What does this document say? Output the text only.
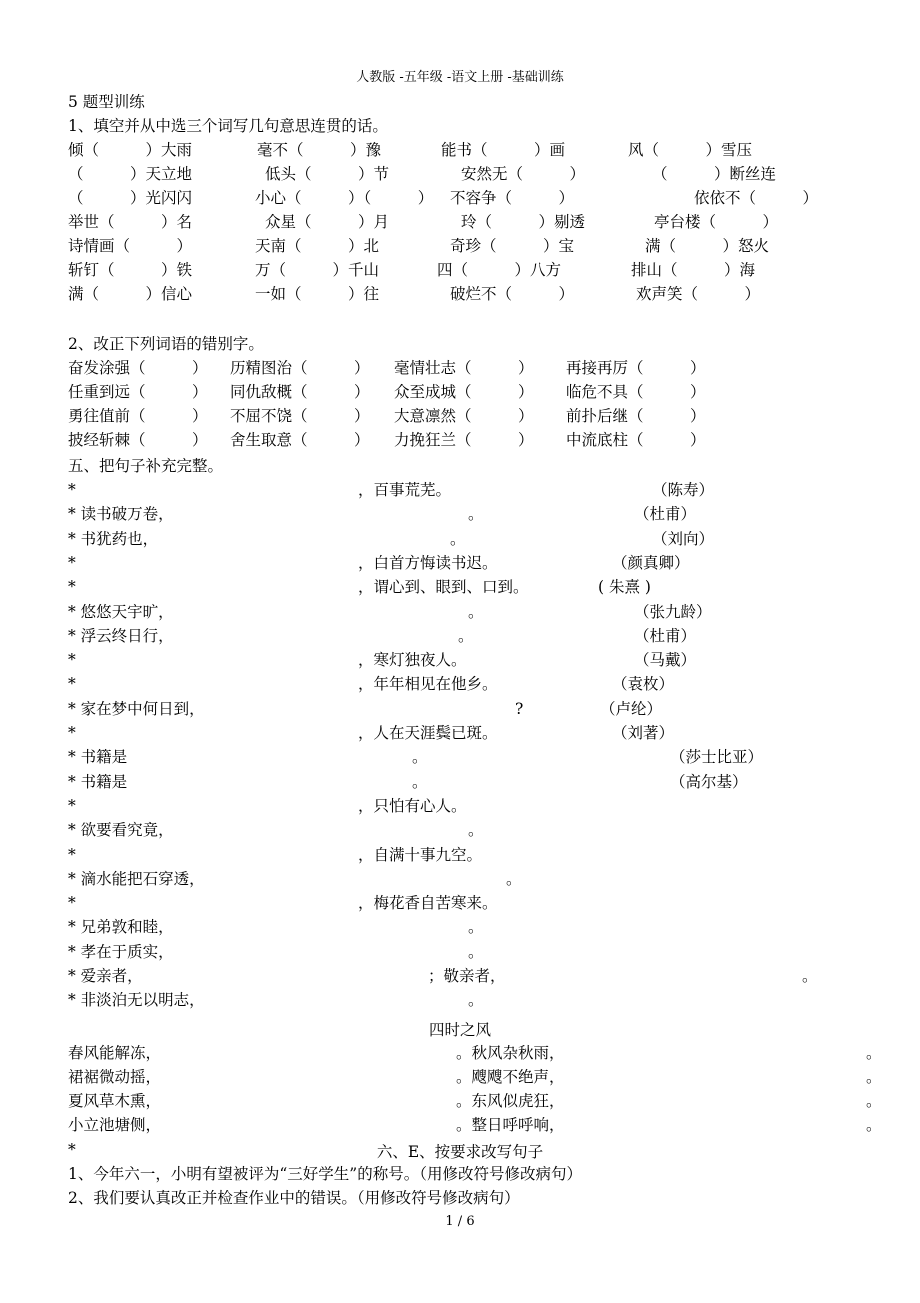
人教版 -五年级 -语文上册 -基础训练
5 题型训练
1、填空并从中选三个词写几句意思连贯的话。
倾（　　　）大雨	毫不（　　　）豫	能书（　　　）画	风（　　　）雪压
（　　　）天立地	低头（　　　）节	安然无（　　　）	（　　　）断丝连
（　　　）光闪闪	小心（　　　）（　　　） 不容争（　　　）	依依不（　　　）
举世（　　　）名	众星（　　　）月	玲（　　　）剔透	亭台楼（　　　）
诗情画（　　　）	天南（　　　）北	奇珍（　　　）宝	满（　　　）怒火
斩钉（　　　）铁	万（　　　）千山	四（　　　）八方	排山（　　　）海
满（　　　）信心	一如（　　　）往	破烂不（　　　）	欢声笑（　　　）
2、改正下列词语的错别字。
奋发涂强（　　　） 历精图治（　　　） 毫情壮志（　　　） 再接再厉（　　　）
任重到远（　　　） 同仇敌概（　　　） 众至成城（　　　） 临危不具（　　　）
勇往值前（　　　） 不屈不饶（　　　） 大意凛然（　　　） 前扑后继（　　　）
披经斩棘（　　　） 舍生取意（　　　） 力挽狂兰（　　　） 中流底柱（　　　）
五、把句子补充完整。
*	，百事荒芜。	（陈寿）
* 读书破万卷，	。	（杜甫）
* 书犹药也，	。	（刘向）
*	，白首方悔读书迟。	（颜真卿）
*	，谓心到、眼到、口到。	( 朱熹 )
* 悠悠天宇旷，	。	（张九龄）
* 浮云终日行，	。	（杜甫）
*	，寒灯独夜人。	（马戴）
*	，年年相见在他乡。	（袁枚）
* 家在梦中何日到，	?	（卢纶）
*	，人在天涯鬓已斑。	（刘著）
* 书籍是	。	（莎士比亚）
* 书籍是	。	（高尔基）
*	，只怕有心人。
* 欲要看究竟，	。
*	，自满十事九空。
* 滴水能把石穿透，	。
*	，梅花香自苦寒来。
* 兄弟敦和睦，	。
* 孝在于质实，	。
* 爱亲者，	；敬亲者，	。
* 非淡泊无以明志，	。
四时之风
春风能解冻，	。秋风杂秋雨，	。
裙裾微动摇，	。飕飕不绝声，	。
夏风草木熏，	。东风似虎狂，	。
小立池塘侧，	。整日呼呼响，	。
*	六、E、按要求改写句子
1、今年六一，小明有望被评为“三好学生”的称号。（用修改符号修改病句）
2、我们要认真改正并检查作业中的错误。（用修改符号修改病句）
1 / 6
